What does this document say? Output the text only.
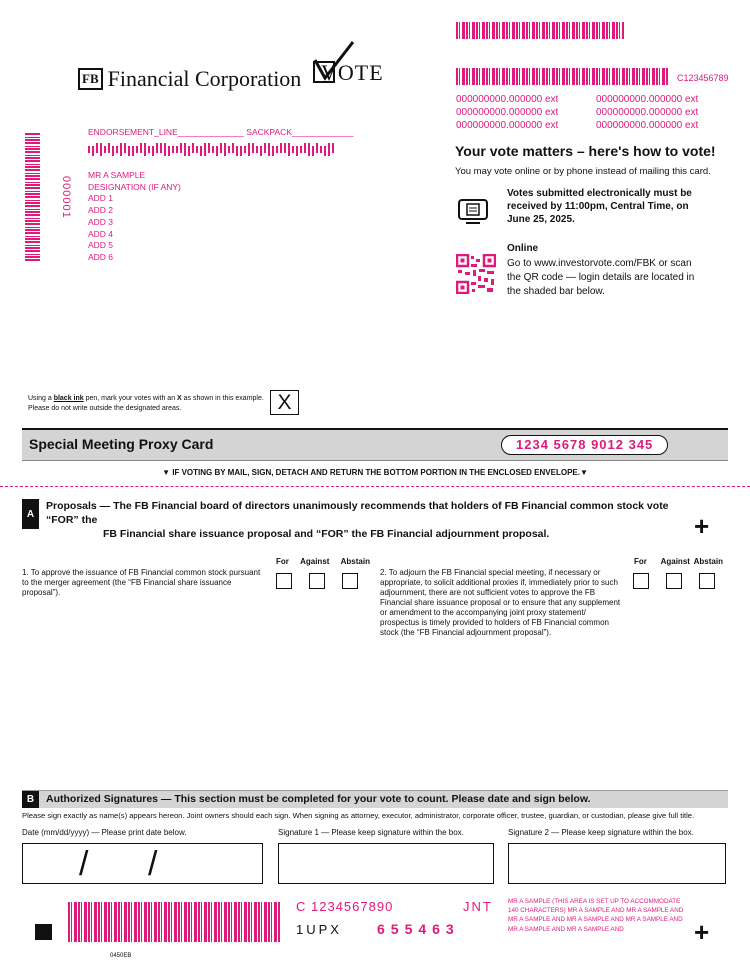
FB Financial Corporation VOTE	C123456789
000000000.000000 ext	000000000.000000 ext
000000000.000000 ext	000000000.000000 ext
000000000.000000 ext	000000000.000000 ext
Your vote matters – here's how to vote!
You may vote online or by phone instead of mailing this card.
Votes submitted electronically must be received by 11:00pm, Central Time, on June 25, 2025.
Online
Go to www.investorvote.com/FBK or scan the QR code — login details are located in the shaded bar below.
ENDORSEMENT_LINE______________ SACKPACK_____________
000001
MR A SAMPLE
DESIGNATION (IF ANY)
ADD 1
ADD 2
ADD 3
ADD 4
ADD 5
ADD 6
Using a black ink pen, mark your votes with an X as shown in this example.
Please do not write outside the designated areas.	X
Special Meeting Proxy Card	1234 5678 9012 345
▼ IF VOTING BY MAIL, SIGN, DETACH AND RETURN THE BOTTOM PORTION IN THE ENCLOSED ENVELOPE.▼
A
Proposals — The FB Financial board of directors unanimously recommends that holders of FB Financial common stock vote “FOR” the
FB Financial share issuance proposal and “FOR” the FB Financial adjournment proposal.	+
For Against Abstain	For Against Abstain
1. To approve the issuance of FB Financial common stock pursuant to the merger agreement (the “FB Financial share issuance proposal”).
2. To adjourn the FB Financial special meeting, if necessary or appropriate, to solicit additional proxies if, immediately prior to such adjournment, there are not sufficient votes to approve the FB Financial share issuance proposal or to ensure that any supplement or amendment to the accompanying joint proxy statement/ prospectus is timely provided to holders of FB Financial common stock (the “FB Financial adjournment proposal”).
B	Authorized Signatures — This section must be completed for your vote to count. Please date and sign below.
Please sign exactly as name(s) appears hereon. Joint owners should each sign. When signing as attorney, executor, administrator, corporate officer, trustee, guardian, or custodian, please give full title.
Date (mm/dd/yyyy) — Please print date below.	Signature 1 — Please keep signature within the box.	Signature 2 — Please keep signature within the box.
/ /
C 1234567890	JNT
1UPX	655463
MR A SAMPLE (THIS AREA IS SET UP TO ACCOMMODATE 140 CHARACTERS) MR A SAMPLE AND MR A SAMPLE AND MR A SAMPLE AND MR A SAMPLE AND MR A SAMPLE AND MR A SAMPLE AND MR A SAMPLE AND	+
0450EB
